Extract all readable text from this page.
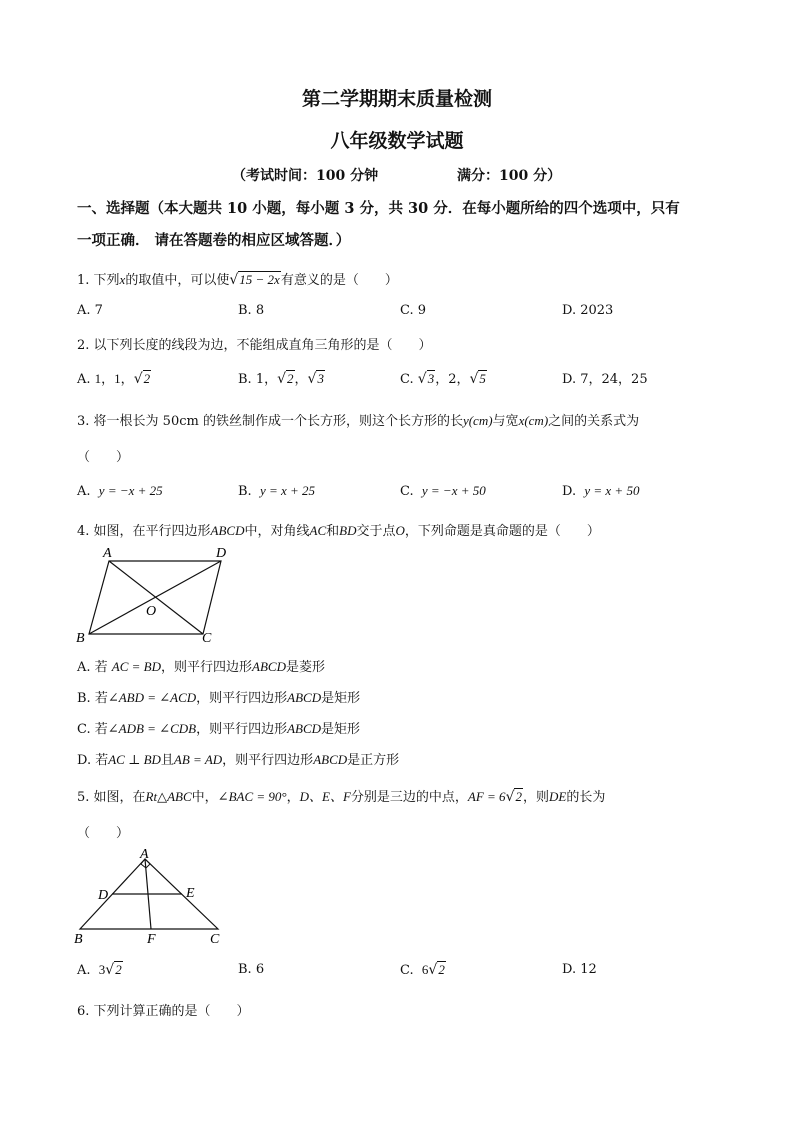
第二学期期末质量检测
八年级数学试题
（考试时间：100 分钟	满分：100 分）
一、选择题（本大题共 10 小题，每小题 3 分，共 30 分．在每小题所给的四个选项中，只有
一项正确． 请在答题卷的相应区域答题．）
1. 下列x的取值中，可以使√15 − 2x有意义的是（　　）
A. 7	B. 8	C. 9	D. 2023
2. 以下列长度的线段为边，不能组成直角三角形的是（　　）
A. 1，1，√2	B. 1，√2，√3	C. √3，2，√5	D. 7，24，25
3. 将一根长为 50cm 的铁丝制作成一个长方形，则这个长方形的长y(cm)与宽x(cm)之间的关系式为
（　　）
A. y = −x + 25	B. y = x + 25	C. y = −x + 50	D. y = x + 50
4. 如图，在平行四边形ABCD中，对角线AC和BD交于点O，下列命题是真命题的是（　　）
A	D
B	C
O
A. 若 AC = BD，则平行四边形ABCD是菱形
B. 若∠ABD = ∠ACD，则平行四边形ABCD是矩形
C. 若∠ADB = ∠CDB，则平行四边形ABCD是矩形
D. 若AC ⊥ BD且AB = AD，则平行四边形ABCD是正方形
5. 如图，在Rt△ABC中，∠BAC = 90°，D、E、F分别是三边的中点，AF = 6√2，则DE的长为
（　　）
A
D	E
B	F	C
A. 3√2	B. 6	C. 6√2	D. 12
6. 下列计算正确的是（　　）
